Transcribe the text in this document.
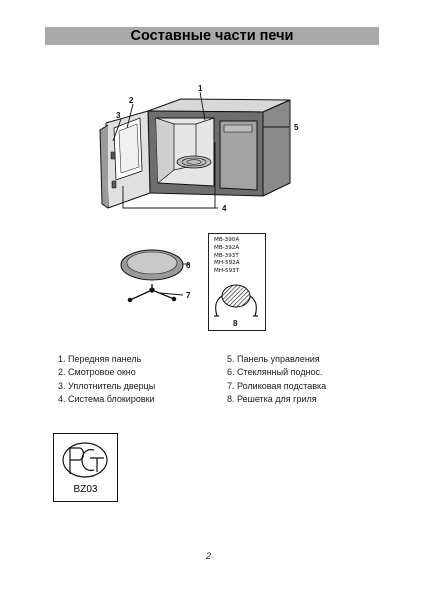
Составные части печи
1
2
3
4
5
6
7
8
MB-390A
MB-392A
MB-393T
MH-592A
MH-593T
1. Передняя панель
2. Смотровое окно
3. Уплотнитель дверцы
4. Система блокировки
5. Панель управления
6. Стеклянный поднос.
7. Роликовая подставка
8. Решетка для гриля
BZ03
2
